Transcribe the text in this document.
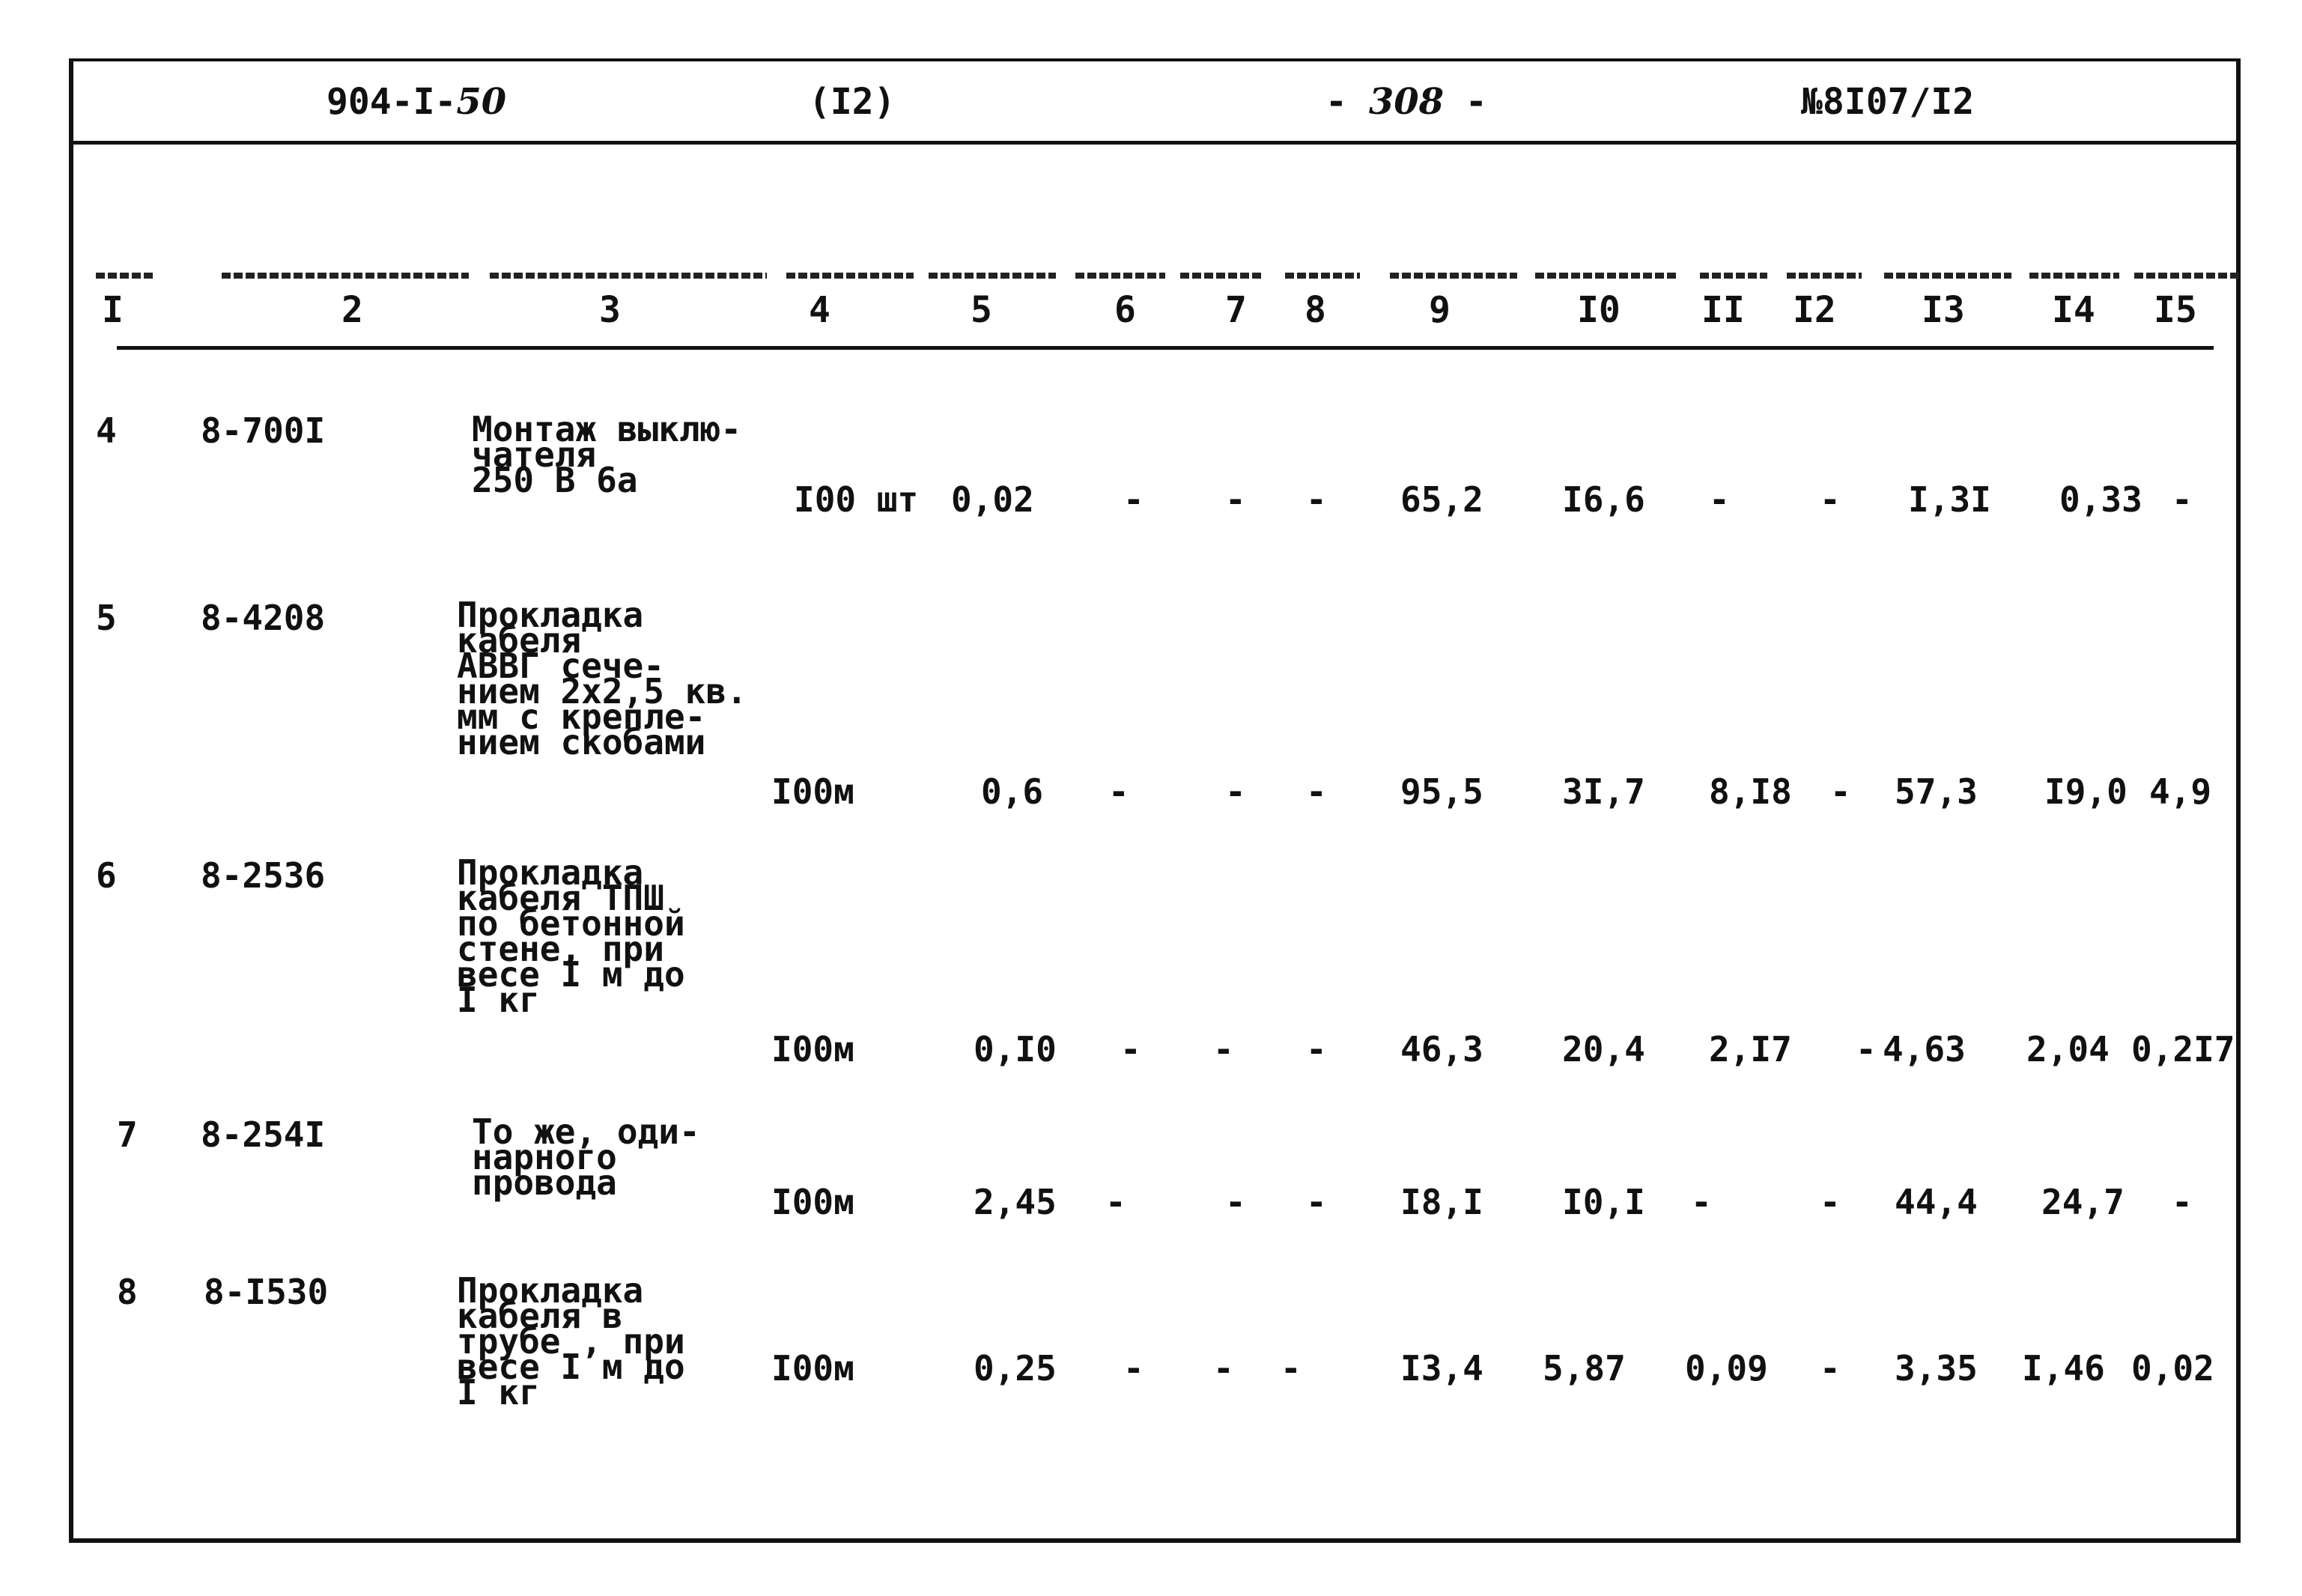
904-I-50	(I2)	- 308 -	№8I07/I2
I	2	3	4	5	6 7 8	9	I0 II I2 I3 I4 I5
4 8-700I	Монтаж выклю-
чателя
250 В 6а	I00 шт 0,02	- - - 65,2 I6,6 -	- I,3I 0,33 -
5 8-4208	Прокладка
кабеля
АВВГ сече-
нием 2х2,5 кв.
мм с крепле-
нием скобами
I00м	0,6 -	- - 95,5 3I,7 8,I8 - 57,3 I9,0 4,9
6 8-2536	Прокладка
кабеля ТПШ
по бетонной
стене, при
весе I м до
I кг
I00м	0,I0 - - - 46,3 20,4 2,I7 - 4,63 2,04 0,2I7
7 8-254I	То же, оди-
нарного
провода	I00м	2,45 -	- - I8,I I0,I -	- 44,4 24,7 -
8 8-I530	Прокладка
кабеля в
трубе , при
весе I м до
I кг
I00м	0,25 - - -	I3,4 5,87 0,09 - 3,35 I,46 0,02
